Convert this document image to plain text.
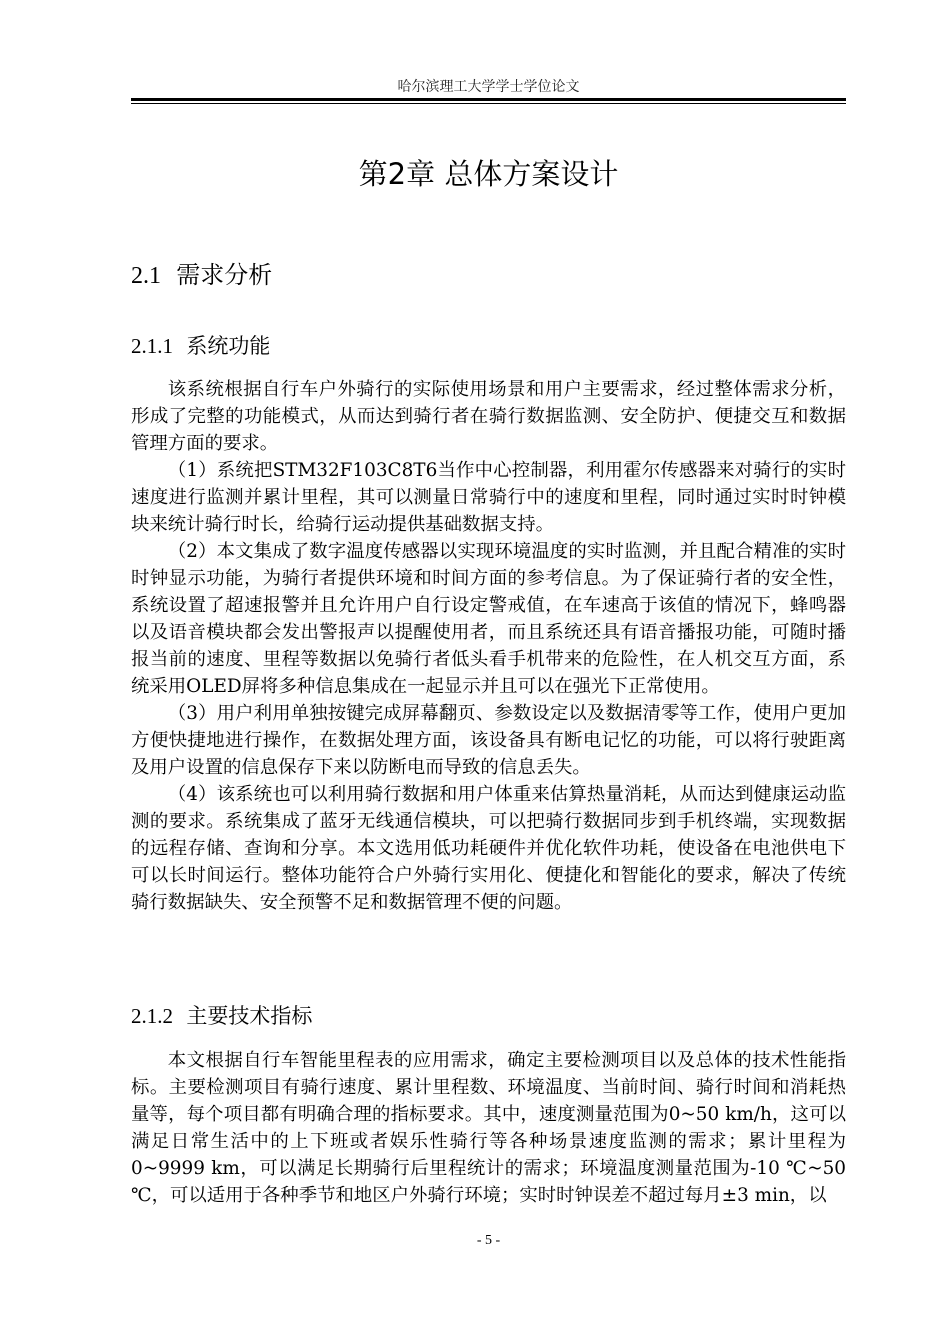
哈尔滨理工大学学士学位论文
第2章 总体方案设计
2.1 需求分析
2.1.1 系统功能

该系统根据自行车户外骑行的实际使用场景和用户主要需求，经过整体需求分析，形成了完整的功能模式，从而达到骑行者在骑行数据监测、安全防护、便捷交互和数据管理方面的要求。

（1）系统把STM32F103C8T6当作中心控制器，利用霍尔传感器来对骑行的实时速度进行监测并累计里程，其可以测量日常骑行中的速度和里程，同时通过实时时钟模块来统计骑行时长，给骑行运动提供基础数据支持。

（2）本文集成了数字温度传感器以实现环境温度的实时监测，并且配合精准的实时时钟显示功能，为骑行者提供环境和时间方面的参考信息。为了保证骑行者的安全性，系统设置了超速报警并且允许用户自行设定警戒值，在车速高于该值的情况下，蜂鸣器以及语音模块都会发出警报声以提醒使用者，而且系统还具有语音播报功能，可随时播报当前的速度、里程等数据以免骑行者低头看手机带来的危险性，在人机交互方面，系统采用OLED屏将多种信息集成在一起显示并且可以在强光下正常使用。

（3）用户利用单独按键完成屏幕翻页、参数设定以及数据清零等工作，使用户更加方便快捷地进行操作，在数据处理方面，该设备具有断电记忆的功能，可以将行驶距离及用户设置的信息保存下来以防断电而导致的信息丢失。

（4）该系统也可以利用骑行数据和用户体重来估算热量消耗，从而达到健康运动监测的要求。系统集成了蓝牙无线通信模块，可以把骑行数据同步到手机终端，实现数据的远程存储、查询和分享。本文选用低功耗硬件并优化软件功耗，使设备在电池供电下可以长时间运行。整体功能符合户外骑行实用化、便捷化和智能化的要求，解决了传统骑行数据缺失、安全预警不足和数据管理不便的问题。

2.1.2 主要技术指标

本文根据自行车智能里程表的应用需求，确定主要检测项目以及总体的技术性能指标。主要检测项目有骑行速度、累计里程数、环境温度、当前时间、骑行时间和消耗热量等，每个项目都有明确合理的指标要求。其中，速度测量范围为0~50 km/h，这可以满足日常生活中的上下班或者娱乐性骑行等各种场景速度监测的需求；累计里程为0~9999 km，可以满足长期骑行后里程统计的需求；环境温度测量范围为-10 ℃~50 ℃，可以适用于各种季节和地区户外骑行环境；实时时钟误差不超过每月±3 min，以

- 5 -
